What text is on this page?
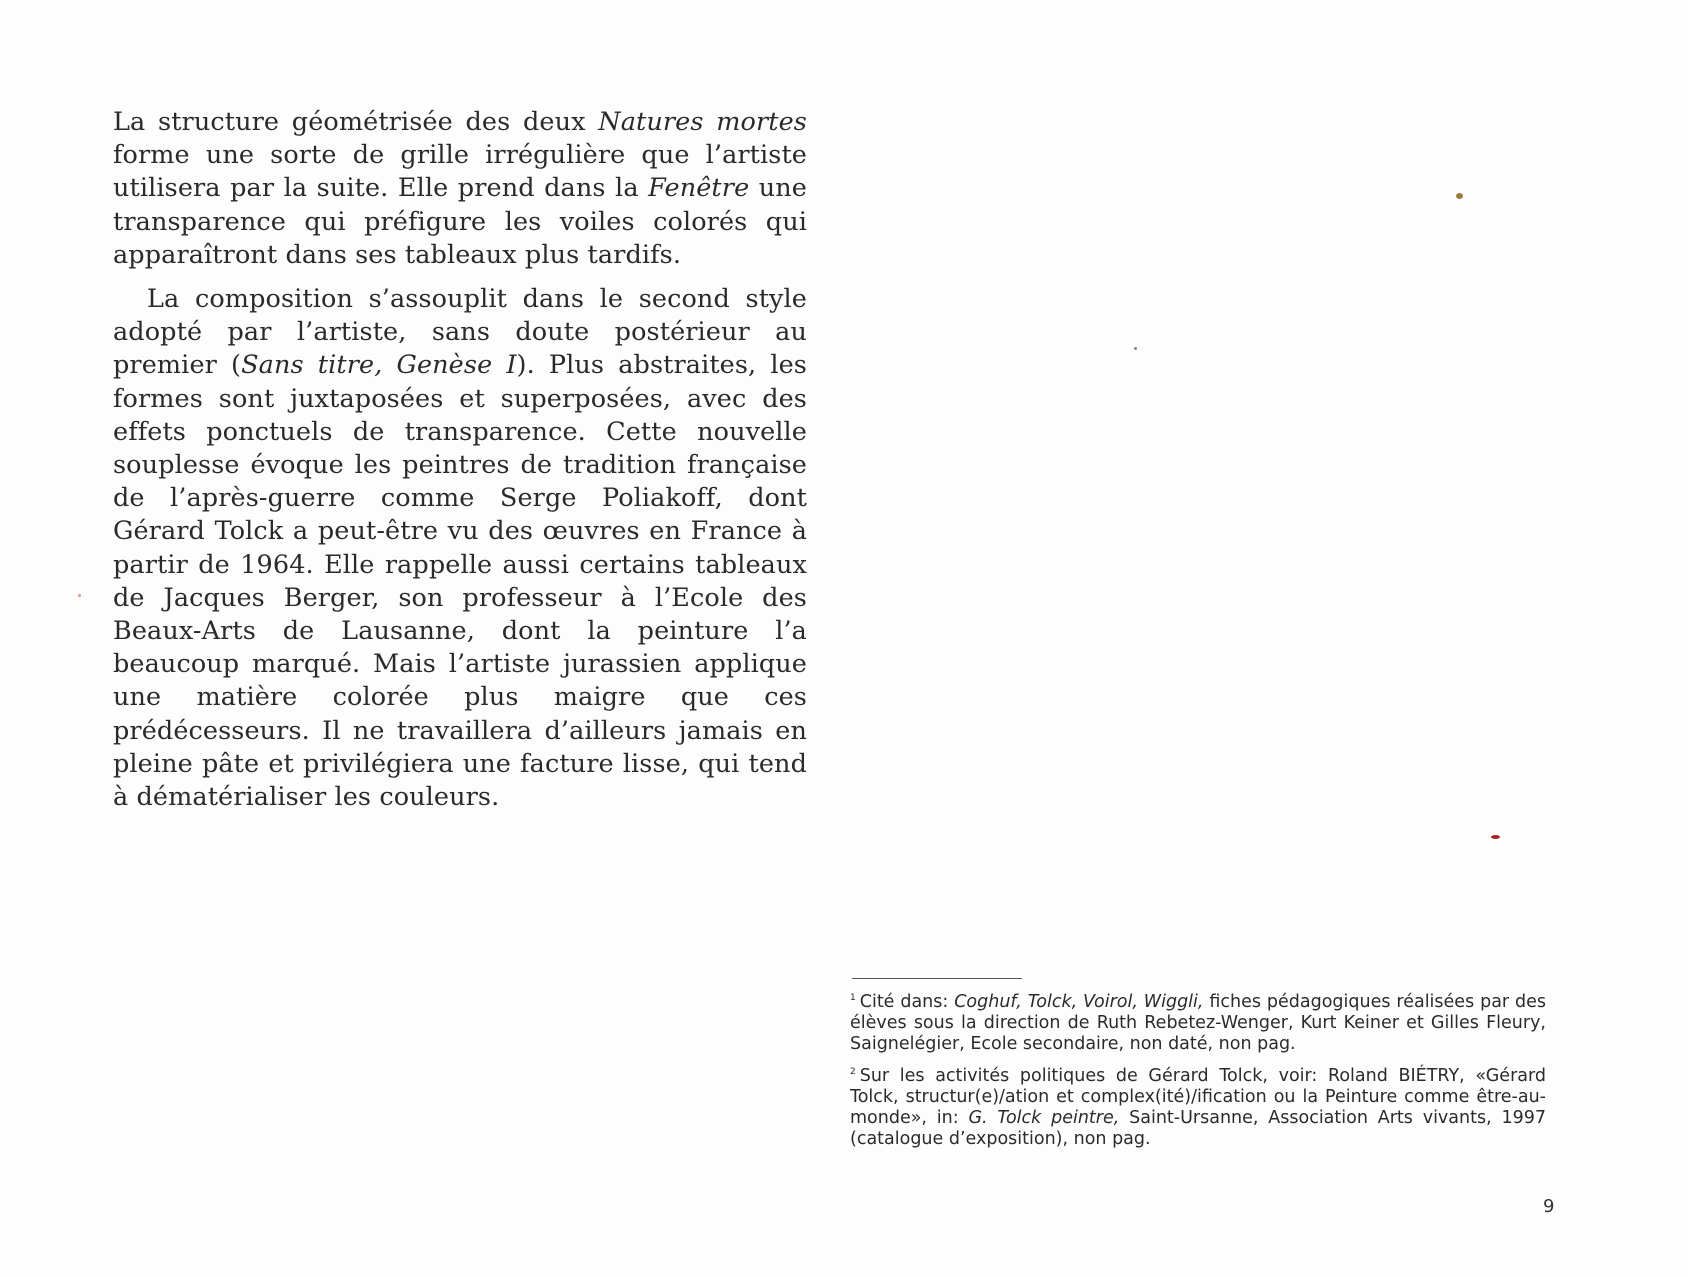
La structure géométrisée des deux Natures mortes forme une sorte de grille irrégulière que l’artiste utilisera par la suite. Elle prend dans la Fenêtre une transparence qui préfigure les voiles colorés qui apparaîtront dans ses tableaux plus tardifs.

La composition s’assouplit dans le second style adopté par l’artiste, sans doute postérieur au premier (Sans titre, Genèse I). Plus abstraites, les formes sont juxtaposées et superposées, avec des effets ponctuels de transparence. Cette nouvelle souplesse évoque les peintres de tradition française de l’après-guerre comme Serge Poliakoff, dont Gérard Tolck a peut-être vu des œuvres en France à partir de 1964. Elle rappelle aussi certains tableaux de Jacques Berger, son professeur à l’Ecole des Beaux-Arts de Lausanne, dont la peinture l’a beaucoup marqué. Mais l’artiste jurassien applique une matière colorée plus maigre que ces prédécesseurs. Il ne travaillera d’ailleurs jamais en pleine pâte et privilégiera une facture lisse, qui tend à dématérialiser les couleurs.

$^1$ Cité dans: Coghuf, Tolck, Voirol, Wiggli, fiches pédagogiques réalisées par des élèves sous la direction de Ruth Rebetez-Wenger, Kurt Keiner et Gilles Fleury, Saignelégier, Ecole secondaire, non daté, non pag.

$^2$ Sur les activités politiques de Gérard Tolck, voir: Roland BIÉTRY, «Gérard Tolck, structur(e)/ation et complex(ité)/ification ou la Peinture comme être-au-monde», in: G. Tolck peintre, Saint-Ursanne, Association Arts vivants, 1997 (catalogue d’exposition), non pag.

9
